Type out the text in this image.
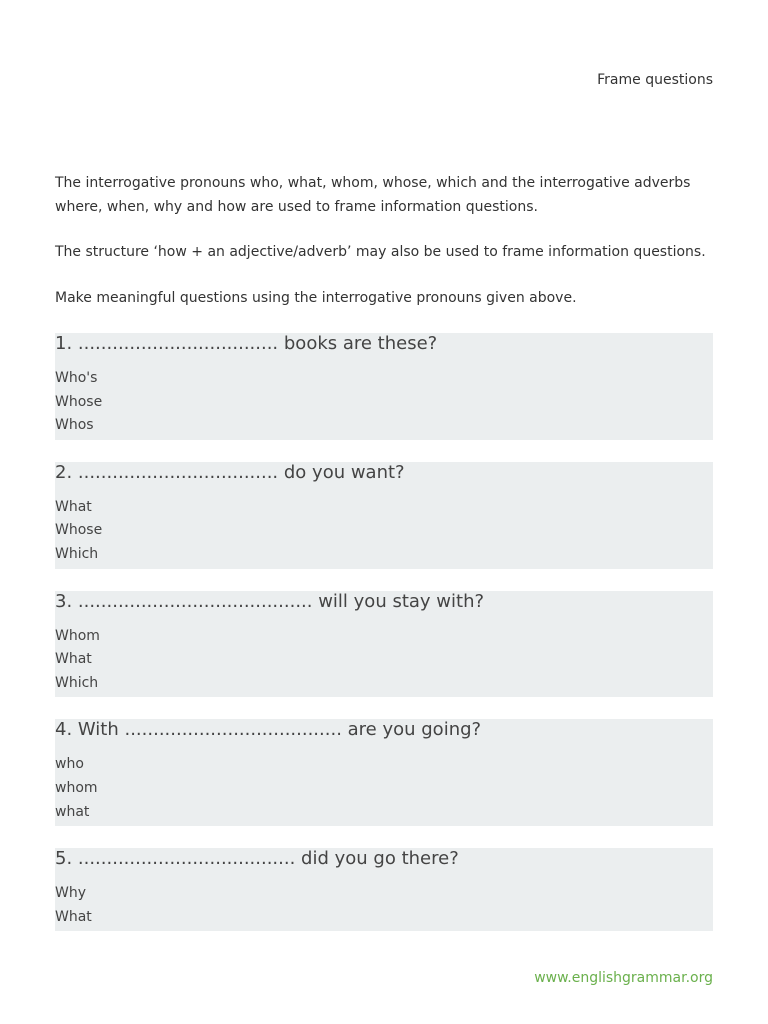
Frame questions

The interrogative pronouns who, what, whom, whose, which and the interrogative adverbs where, when, why and how are used to frame information questions.

The structure ‘how + an adjective/adverb’ may also be used to frame information questions.

Make meaningful questions using the interrogative pronouns given above.

1. ................................... books are these?
Who's
Whose
Whos
2. ................................... do you want?
What
Whose
Which
3. ......................................... will you stay with?
Whom
What
Which
4. With ...................................... are you going?
who
whom
what
5. ...................................... did you go there?
Why
What
www.englishgrammar.org
